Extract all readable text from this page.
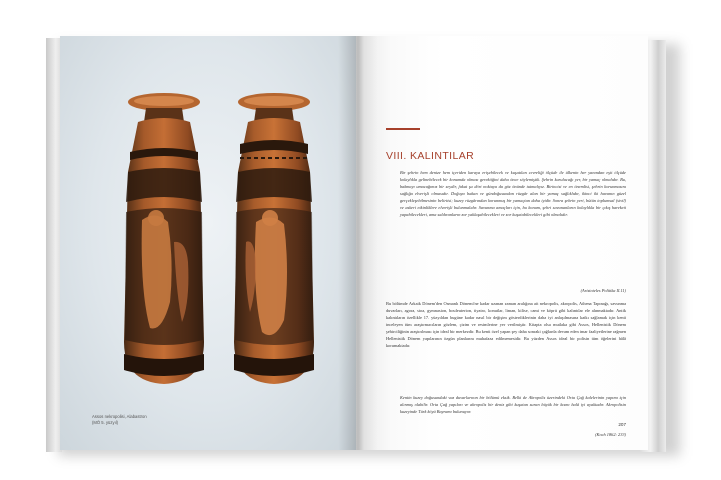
Assos nekropolisi, Alabastron
(MÖ 5. yüzyıl)
VIII. KALINTILAR
Bir şehrin hem denize hem içeriden karaya erişebilecek ve kuşatılan cevreliği ölçüde ile ülkenin her yanından eşit ölçüde kolaylıkla gelinebilecek bir konumda olması gerektiğini daha önce söylemiştik. Şehrin kurulacağı yer, bir yamaç olmalıdır. Bu, bakmayı umacağımız bir seydir, fakat şu dört noktaya da göz önünde tutmalıyız. Birincisi ve en önemlisi, şehrin korunmasını sağlığa elverişli olmasıdır. Doğuya bakan ve gündoğusundan rüzgâr alan bir yamaç sağlıklıdır, ikinci iki havanın güzel gerçekleşebilmesinin belirtisi; kuzey rüzgârından korunmuş bir yamaçtan daha iyidir. Sonra şehrin yeri, bütün toplumsal (sivil) ve askeri etkinliklere elverişli bulunmalıdır. Savunma amaçları için, bu konum, şehri savunanların kolaylıkla bir çıkış hareketi yapabilecekleri, ama saldıranların zor yaklaşabilecekleri ve zor kuşatabilecekleri gibi olmalıdır.
(Aristoteles Politika II.11)
Bu bölümde Arkaik Dönem'den Osmanlı Dönemi'ne kadar uzanan zaman aralığına ait nekropolis, akropolis, Athena Tapınağı, savunma duvarları, agora, stoa, gymnasion, bouleuterion, tiyatro, konutlar, liman, kilise, cami ve köprü gibi kalıntılar ele alınmaktadır. Antik kalıntıların özellikle 17. yüzyıldan bugüne kadar nasıl bir değişim gösterdiklerinin daha iyi anlaşılmasına katkı sağlamak için kenti inceleyen tüm araştırmacıların gözlem, çizim ve resimlerine yer verilmiştir. Kitapta olsa mutlaka gibi Assos, Hellenistik Dönem şehirciliğinin araştırılması için ideal bir merkezdir. Bu kenti özel yapan şey daha sonraki çağlarda devam eden imar faaliyetlerine rağmen Hellenistik Dönem yapılarının özgün planlarını muhafaza edilmemesidir. Bu yüzden Assos ideal bir polisin tüm öğelerini hâlâ korumaktadır.
Kentin kuzey doğusundaki vaz duvarlarının bir bölümü eksik. Belki de Akropolis üzerindeki Orta Çağ kalelerinin yapımı için alınmış olabilir. Orta Çağ yapıları ve akropolis bir deniz gibi kuşatan suran büyük bir kısmı halâ iyi ayaktadır. Akropolisin kuzeyinde Türk köyü Bayramı bulunuyor.
(Koch 1862: 233)
207
